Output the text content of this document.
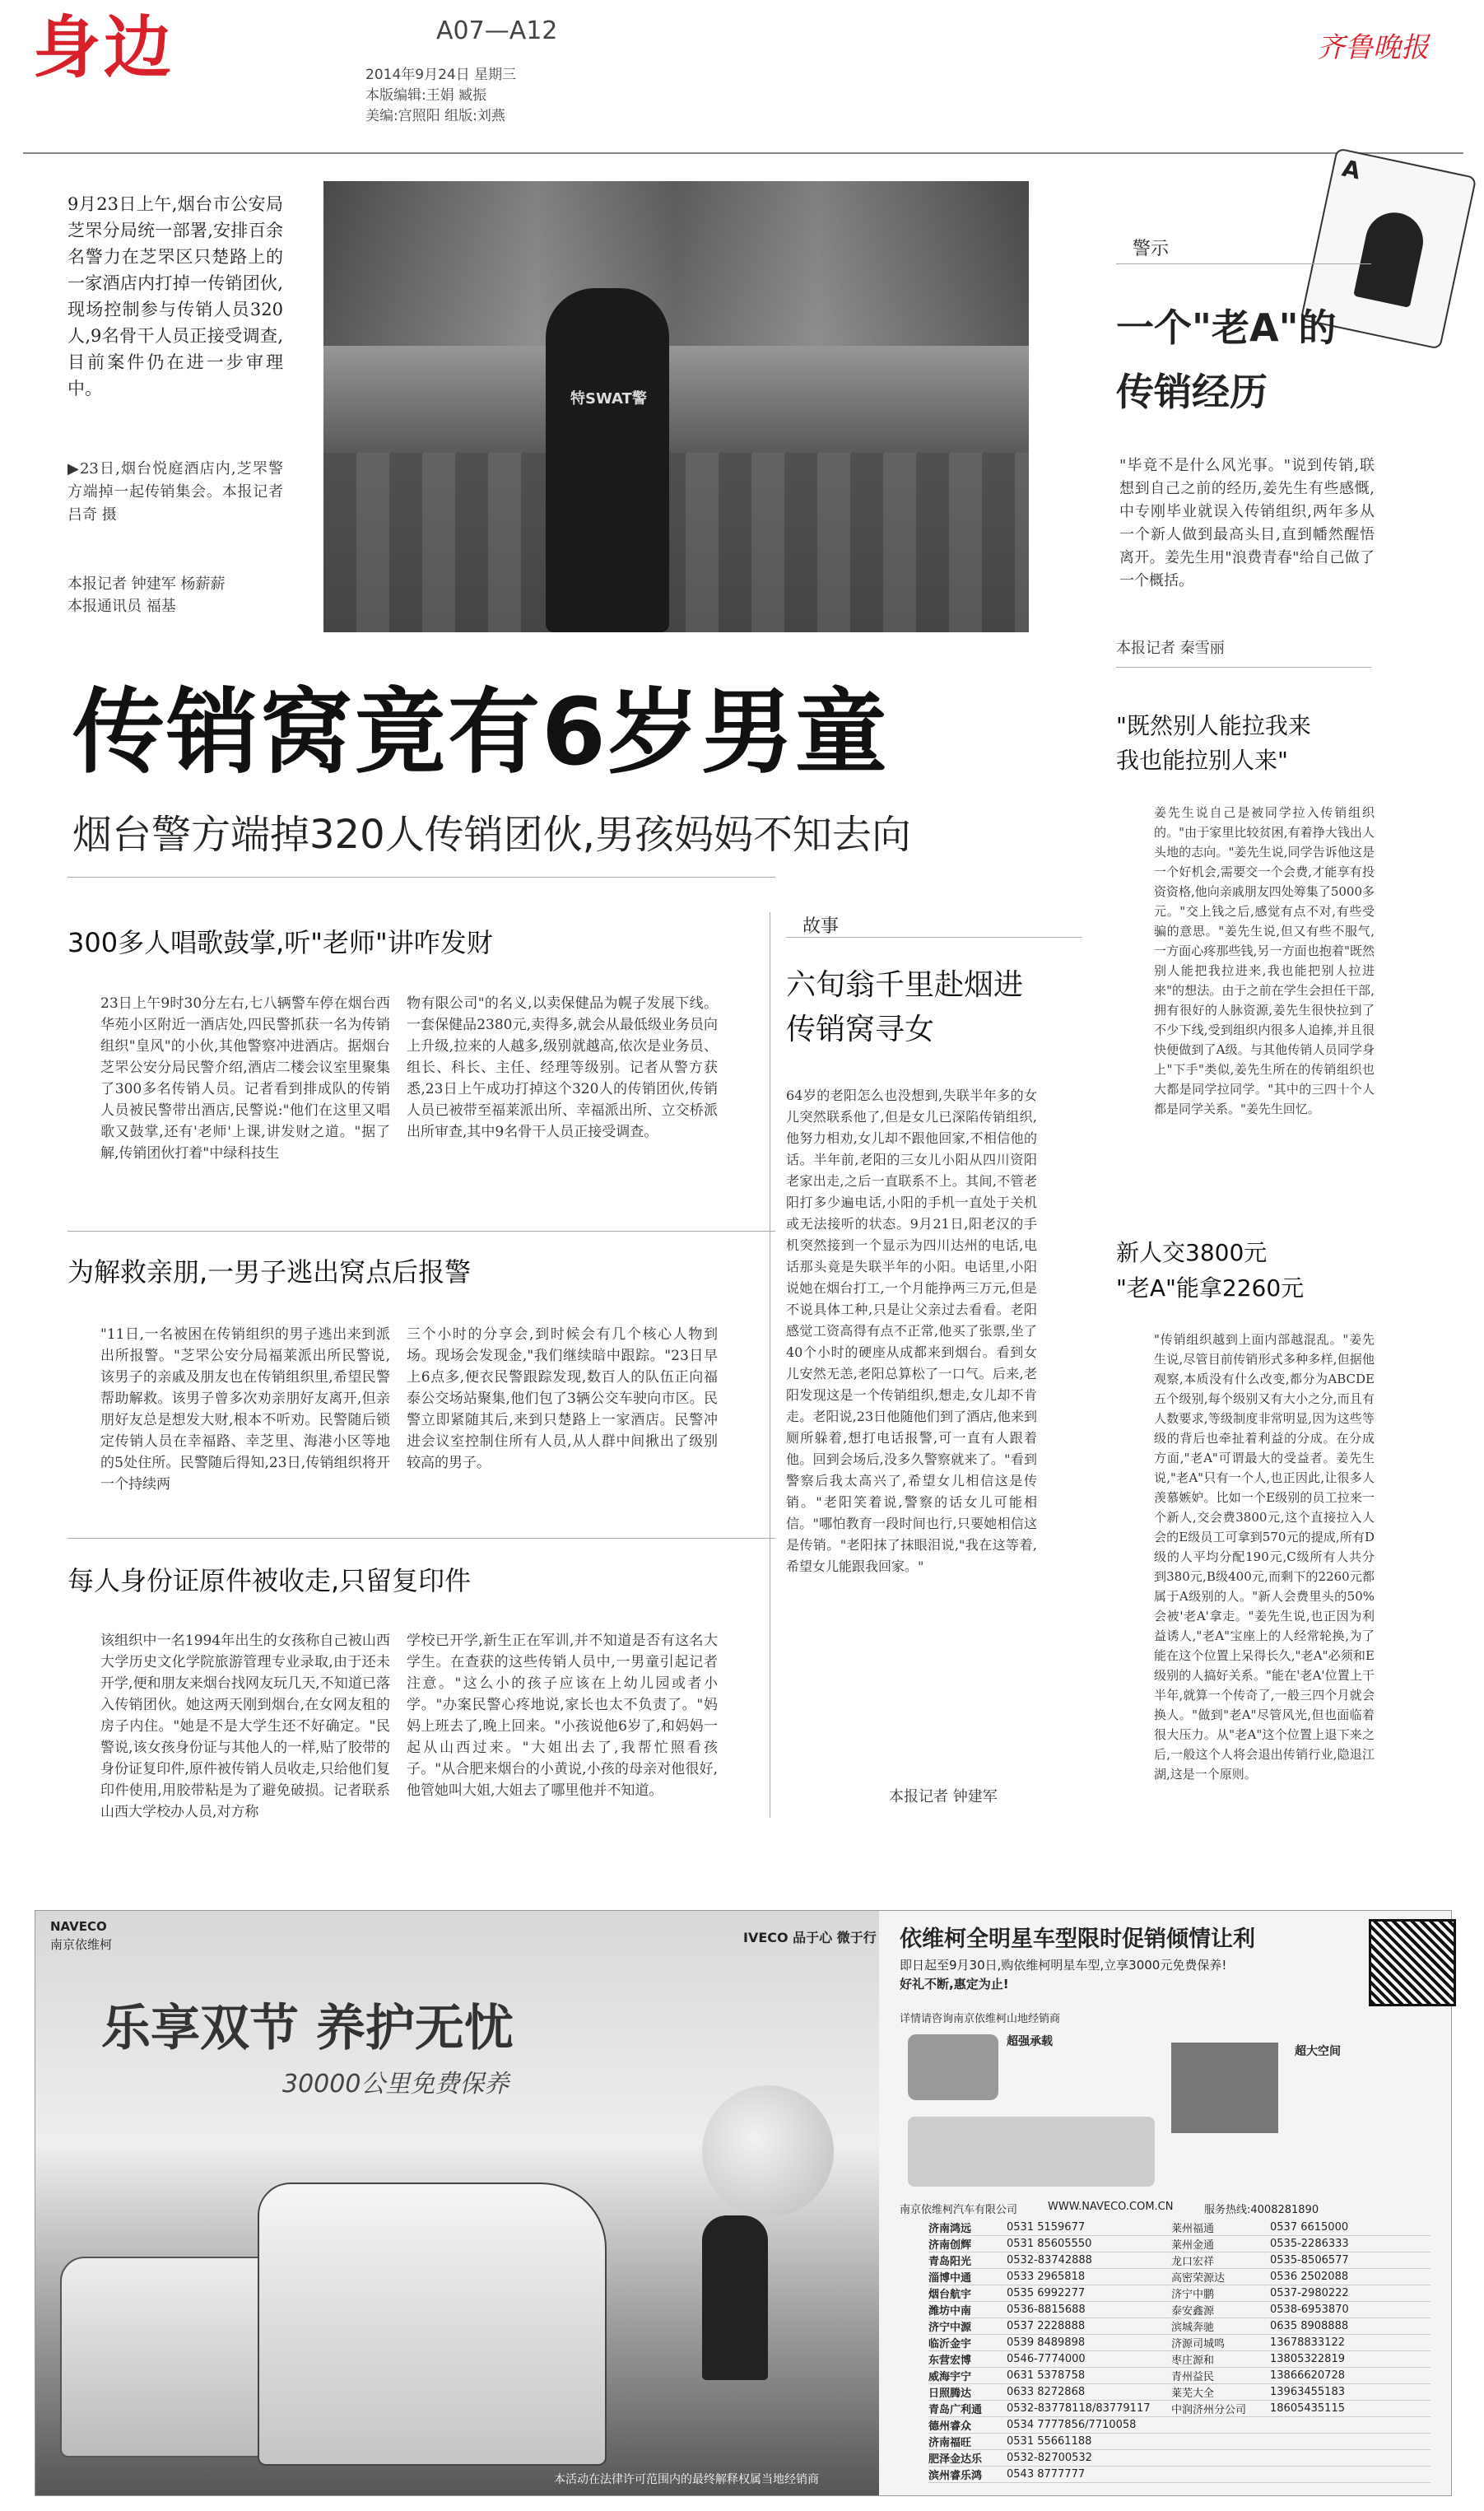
身边	A07—A12
2014年9月24日 星期三
本版编辑:王娟 臧振
美编:宫照阳 组版:刘燕
齐鲁晚报
9月23日上午,烟台市公安局芝罘分局统一部署,安排百余名警力在芝罘区只楚路上的一家酒店内打掉一传销团伙,现场控制参与传销人员320人,9名骨干人员正接受调查,目前案件仍在进一步审理中。
▶23日,烟台悦庭酒店内,芝罘警方端掉一起传销集会。本报记者 吕奇 摄
本报记者 钟建军 杨薪薪
本报通讯员 福基
特SWAT警
传销窝竟有6岁男童
烟台警方端掉320人传销团伙,男孩妈妈不知去向
300多人唱歌鼓掌,听"老师"讲咋发财
23日上午9时30分左右,七八辆警车停在烟台西华苑小区附近一酒店处,四民警抓获一名为传销组织"皇风"的小伙,其他警察冲进酒店。据烟台芝罘公安分局民警介绍,酒店二楼会议室里聚集了300多名传销人员。记者看到排成队的传销人员被民警带出酒店,民警说:"他们在这里又唱歌又鼓掌,还有'老师'上课,讲发财之道。"据了解,传销团伙打着"中绿科技生
物有限公司"的名义,以卖保健品为幌子发展下线。一套保健品2380元,卖得多,就会从最低级业务员向上升级,拉来的人越多,级别就越高,依次是业务员、组长、科长、主任、经理等级别。记者从警方获悉,23日上午成功打掉这个320人的传销团伙,传销人员已被带至福莱派出所、幸福派出所、立交桥派出所审查,其中9名骨干人员正接受调查。
为解救亲朋,一男子逃出窝点后报警
"11日,一名被困在传销组织的男子逃出来到派出所报警。"芝罘公安分局福莱派出所民警说,该男子的亲戚及朋友也在传销组织里,希望民警帮助解救。该男子曾多次劝亲朋好友离开,但亲朋好友总是想发大财,根本不听劝。民警随后锁定传销人员在幸福路、幸芝里、海港小区等地的5处住所。民警随后得知,23日,传销组织将开一个持续两
三个小时的分享会,到时候会有几个核心人物到场。现场会发现金,"我们继续暗中跟踪。"23日早上6点多,便衣民警跟踪发现,数百人的队伍正向福泰公交场站聚集,他们包了3辆公交车驶向市区。民警立即紧随其后,来到只楚路上一家酒店。民警冲进会议室控制住所有人员,从人群中间揪出了级别较高的男子。
每人身份证原件被收走,只留复印件
该组织中一名1994年出生的女孩称自己被山西大学历史文化学院旅游管理专业录取,由于还未开学,便和朋友来烟台找网友玩几天,不知道已落入传销团伙。她这两天刚到烟台,在女网友租的房子内住。"她是不是大学生还不好确定。"民警说,该女孩身份证与其他人的一样,贴了胶带的身份证复印件,原件被传销人员收走,只给他们复印件使用,用胶带粘是为了避免破损。记者联系山西大学校办人员,对方称
学校已开学,新生正在军训,并不知道是否有这名大学生。在查获的这些传销人员中,一男童引起记者注意。"这么小的孩子应该在上幼儿园或者小学。"办案民警心疼地说,家长也太不负责了。"妈妈上班去了,晚上回来。"小孩说他6岁了,和妈妈一起从山西过来。"大姐出去了,我帮忙照看孩子。"从合肥来烟台的小黄说,小孩的母亲对他很好,他管她叫大姐,大姐去了哪里他并不知道。
故事
六旬翁千里赴烟进传销窝寻女
64岁的老阳怎么也没想到,失联半年多的女儿突然联系他了,但是女儿已深陷传销组织,他努力相劝,女儿却不跟他回家,不相信他的话。半年前,老阳的三女儿小阳从四川资阳老家出走,之后一直联系不上。其间,不管老阳打多少遍电话,小阳的手机一直处于关机或无法接听的状态。9月21日,阳老汉的手机突然接到一个显示为四川达州的电话,电话那头竟是失联半年的小阳。电话里,小阳说她在烟台打工,一个月能挣两三万元,但是不说具体工种,只是让父亲过去看看。老阳感觉工资高得有点不正常,他买了张票,坐了40个小时的硬座从成都来到烟台。看到女儿安然无恙,老阳总算松了一口气。后来,老阳发现这是一个传销组织,想走,女儿却不肯走。老阳说,23日他随他们到了酒店,他来到厕所躲着,想打电话报警,可一直有人跟着他。回到会场后,没多久警察就来了。"看到警察后我太高兴了,希望女儿相信这是传销。"老阳笑着说,警察的话女儿可能相信。"哪怕教育一段时间也行,只要她相信这是传销。"老阳抹了抹眼泪说,"我在这等着,希望女儿能跟我回家。"
本报记者 钟建军
A
警示
一个"老A"的
传销经历
"毕竟不是什么风光事。"说到传销,联想到自己之前的经历,姜先生有些感慨,中专刚毕业就误入传销组织,两年多从一个新人做到最高头目,直到幡然醒悟离开。姜先生用"浪费青春"给自己做了一个概括。
本报记者 秦雪丽
"既然别人能拉我来
我也能拉别人来"
姜先生说自己是被同学拉入传销组织的。"由于家里比较贫困,有着挣大钱出人头地的志向。"姜先生说,同学告诉他这是一个好机会,需要交一个会费,才能享有投资资格,他向亲戚朋友四处筹集了5000多元。"交上钱之后,感觉有点不对,有些受骗的意思。"姜先生说,但又有些不服气,一方面心疼那些钱,另一方面也抱着"既然别人能把我拉进来,我也能把别人拉进来"的想法。由于之前在学生会担任干部,拥有很好的人脉资源,姜先生很快拉到了不少下线,受到组织内很多人追捧,并且很快便做到了A级。与其他传销人员同学身上"下手"类似,姜先生所在的传销组织也大都是同学拉同学。"其中的三四十个人都是同学关系。"姜先生回忆。
新人交3800元
"老A"能拿2260元
"传销组织越到上面内部越混乱。"姜先生说,尽管目前传销形式多种多样,但据他观察,本质没有什么改变,都分为ABCDE五个级别,每个级别又有大小之分,而且有人数要求,等级制度非常明显,因为这些等级的背后也牵扯着利益的分成。在分成方面,"老A"可谓最大的受益者。姜先生说,"老A"只有一个人,也正因此,让很多人羡慕嫉妒。比如一个E级别的员工拉来一个新人,交会费3800元,这个直接拉入人会的E级员工可拿到570元的提成,所有D级的人平均分配190元,C级所有人共分到380元,B级400元,而剩下的2260元都属于A级别的人。"新人会费里头的50%会被'老A'拿走。"姜先生说,也正因为利益诱人,"老A"宝座上的人经常轮换,为了能在这个位置上呆得长久,"老A"必须和E级别的人搞好关系。"能在'老A'位置上干半年,就算一个传奇了,一般三四个月就会换人。"做到"老A"尽管风光,但也面临着很大压力。从"老A"这个位置上退下来之后,一般这个人将会退出传销行业,隐退江湖,这是一个原则。
NAVECO
南京依维柯	IVECO 品于心 微于行
乐享双节 养护无忧
30000公里免费保养
本活动在法律许可范围内的最终解释权属当地经销商
依维柯全明星车型限时促销倾情让利
即日起至9月30日,购依维柯明星车型,立享3000元免费保养!
好礼不断,惠定为止!
详情请咨询南京依维柯山地经销商
超强承载
超大空间
南京依维柯汽车有限公司	WWW.NAVECO.COM.CN	服务热线:4008281890
济南鸿远	0531 5159677	莱州福通	0537 6615000
济南创辉	0531 85605550	莱州金通	0535-2286333
青岛阳光	0532-83742888	龙口宏祥	0535-8506577
淄博中通	0533 2965818	高密荣源达	0536 2502088
烟台航宇	0535 6992277	济宁中鹏	0537-2980222
潍坊中南	0536-8815688	泰安鑫源	0538-6953870
济宁中源	0537 2228888	滨城奔驰	0635 8908888
临沂金宇	0539 8489898	济源司城鸣	13678833122
东营宏博	0546-7774000	枣庄源和	13805322819
威海宇宁	0631 5378758	青州益民	13866620728
日照腾达	0633 8272868	莱芜大全	13963455183
青岛广利通	0532-83778118/83779117	中润济州分公司	18605435115
德州睿众	0534 7777856/7710058
济南福旺	0531 55661188
肥泽金达乐	0532-82700532
滨州睿乐鸿	0543 8777777
